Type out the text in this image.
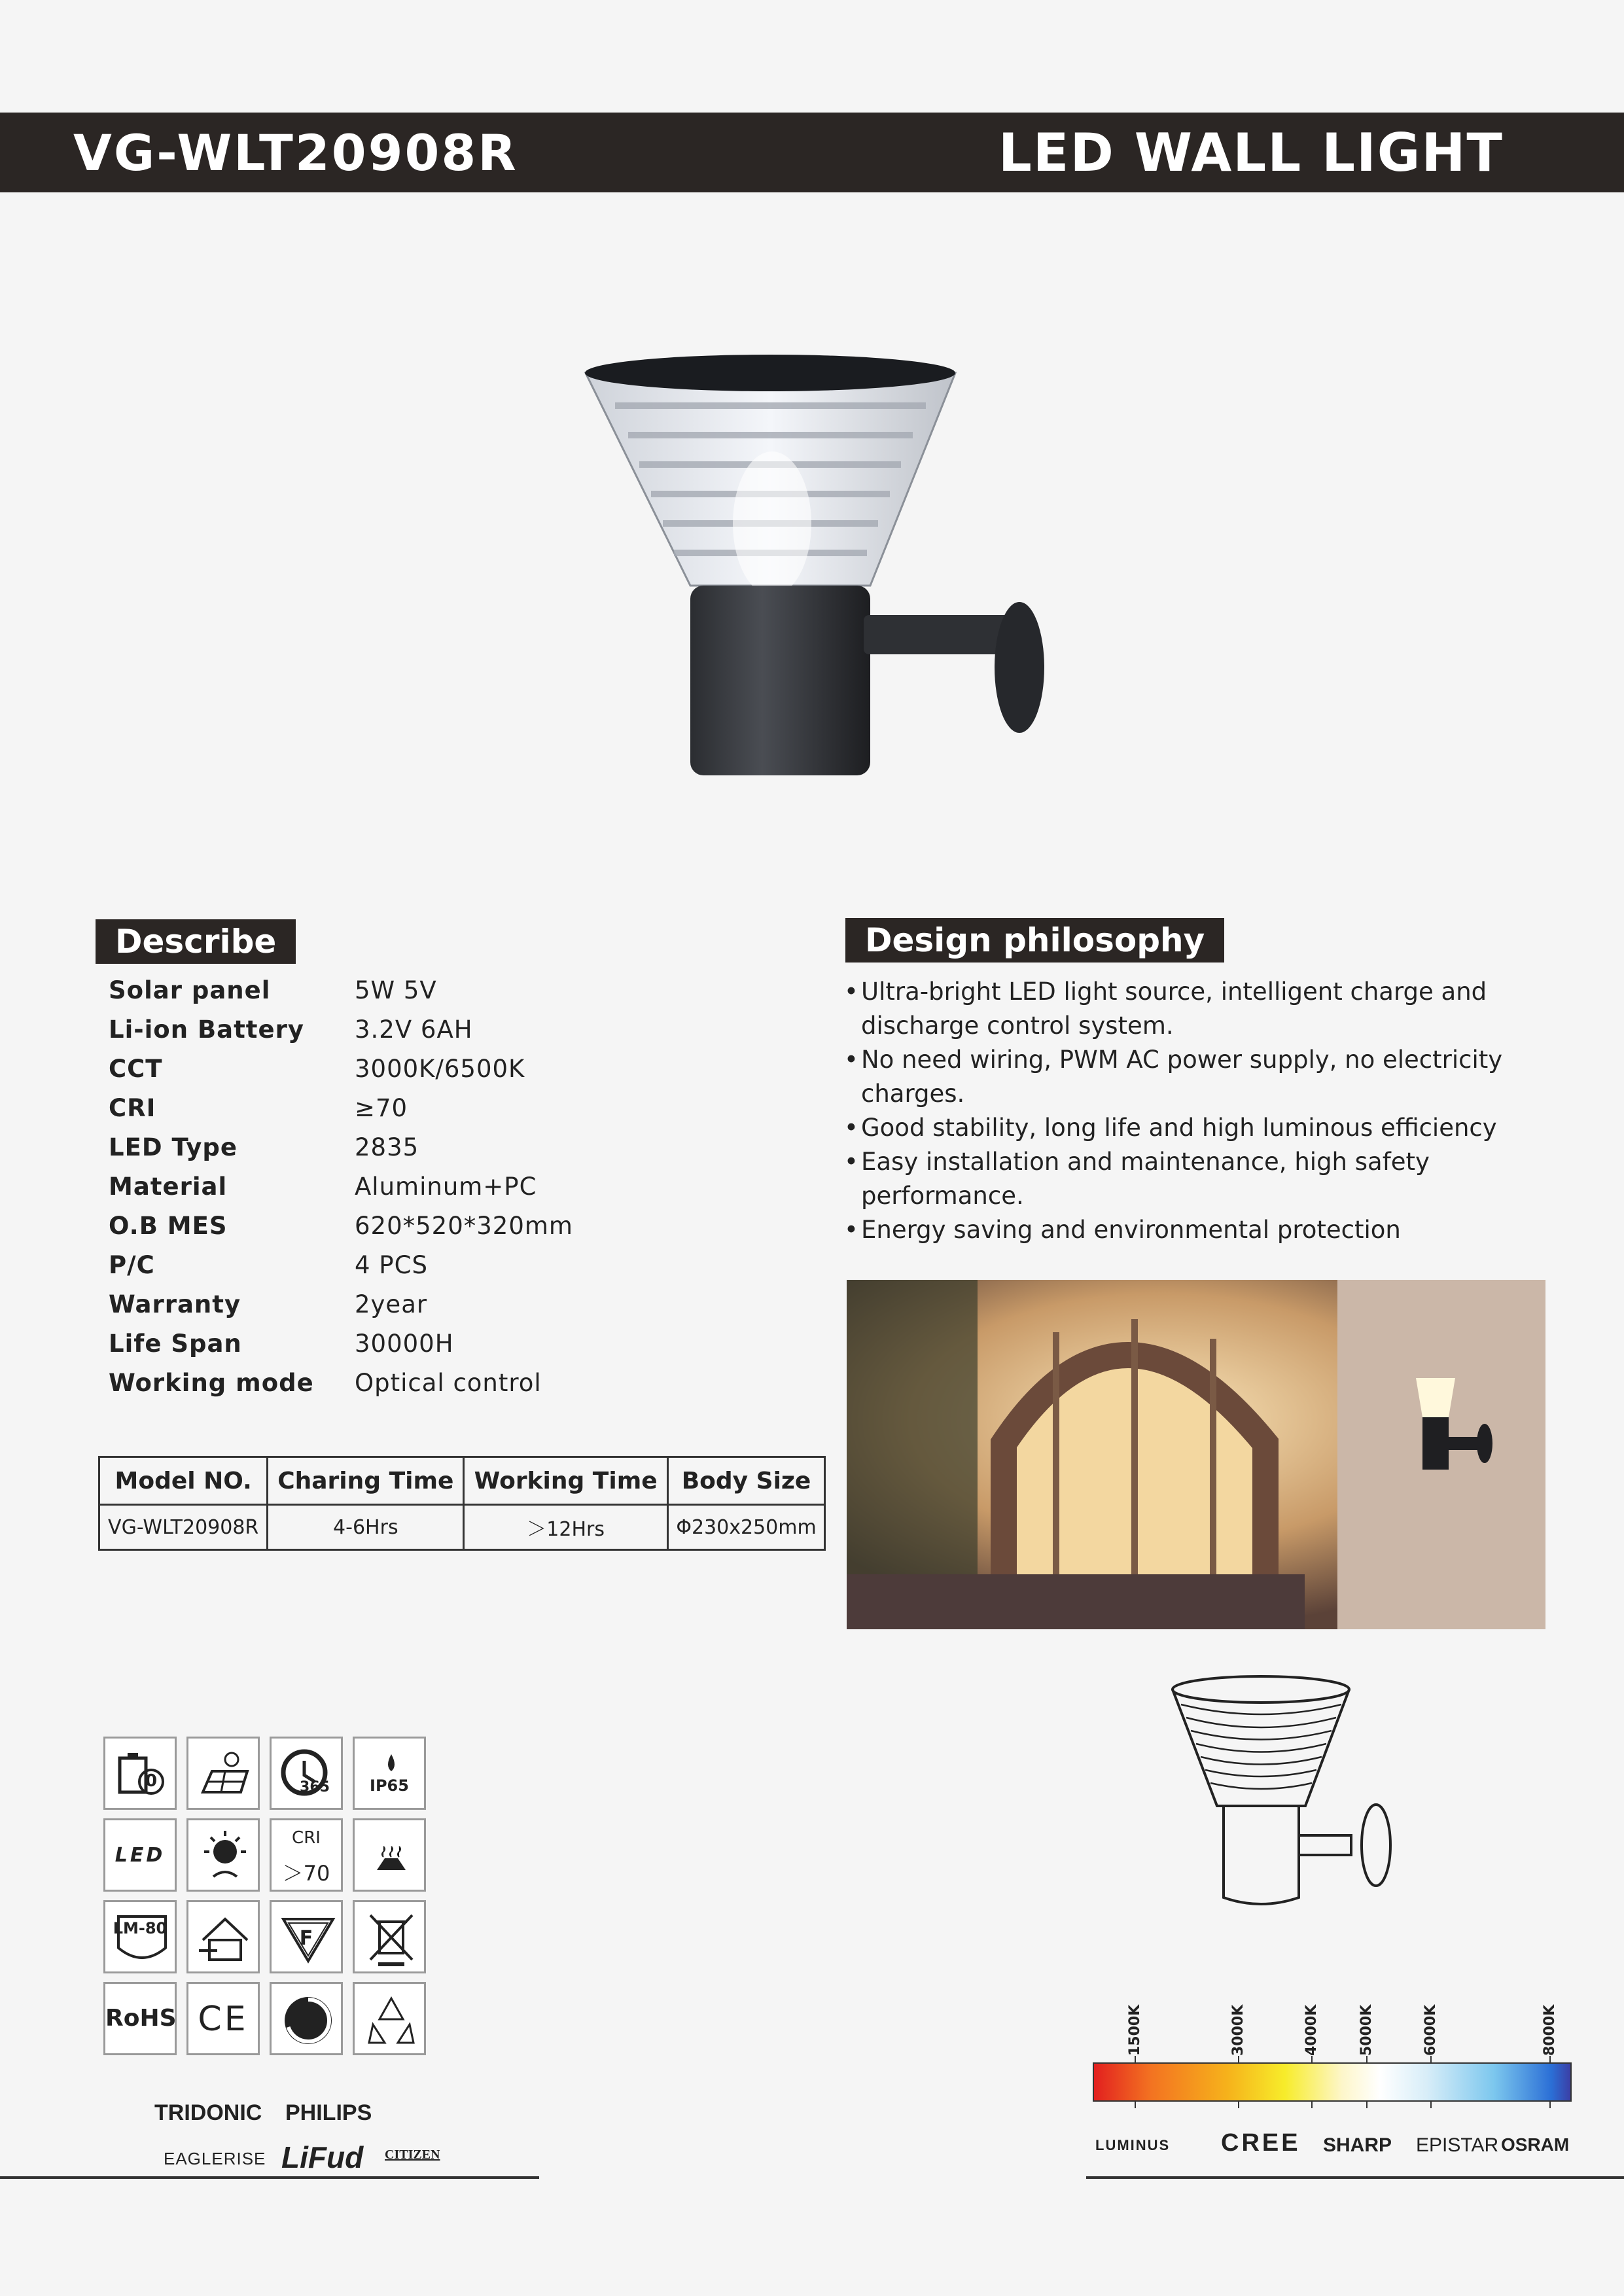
VG-WLT20908R	LED WALL LIGHT
Describe
Solar panel	5W 5V
Li-ion Battery 3.2V 6AH
CCT	3000K/6500K
CRI	≥70
LED Type	2835
Material	Aluminum+PC
O.B MES	620*520*320mm
P/C	4 PCS
Warranty	2year
Life Span	30000H
Working mode Optical control
Design philosophy
• Ultra-bright LED light source, intelligent charge and discharge control system.
• No need wiring, PWM AC power supply, no electricity charges.
• Good stability, long life and high luminous efficiency
• Easy installation and maintenance, high safety performance.
• Energy saving and environmental protection
Model NO.	Charing Time	Working Time	Body Size
VG-WLT20908R	4-6Hrs	＞12Hrs	Φ230x250mm
0	365	IP65
LED
CRI
＞70
LM-80	F
RoHS CE
TRIDONIC PHILIPS
EAGLERISE LiFud CITIZEN
1500K	3000K	4000K	5000K	6000K	8000K
LUMINUS CREE SHARP EPISTAR OSRAM
